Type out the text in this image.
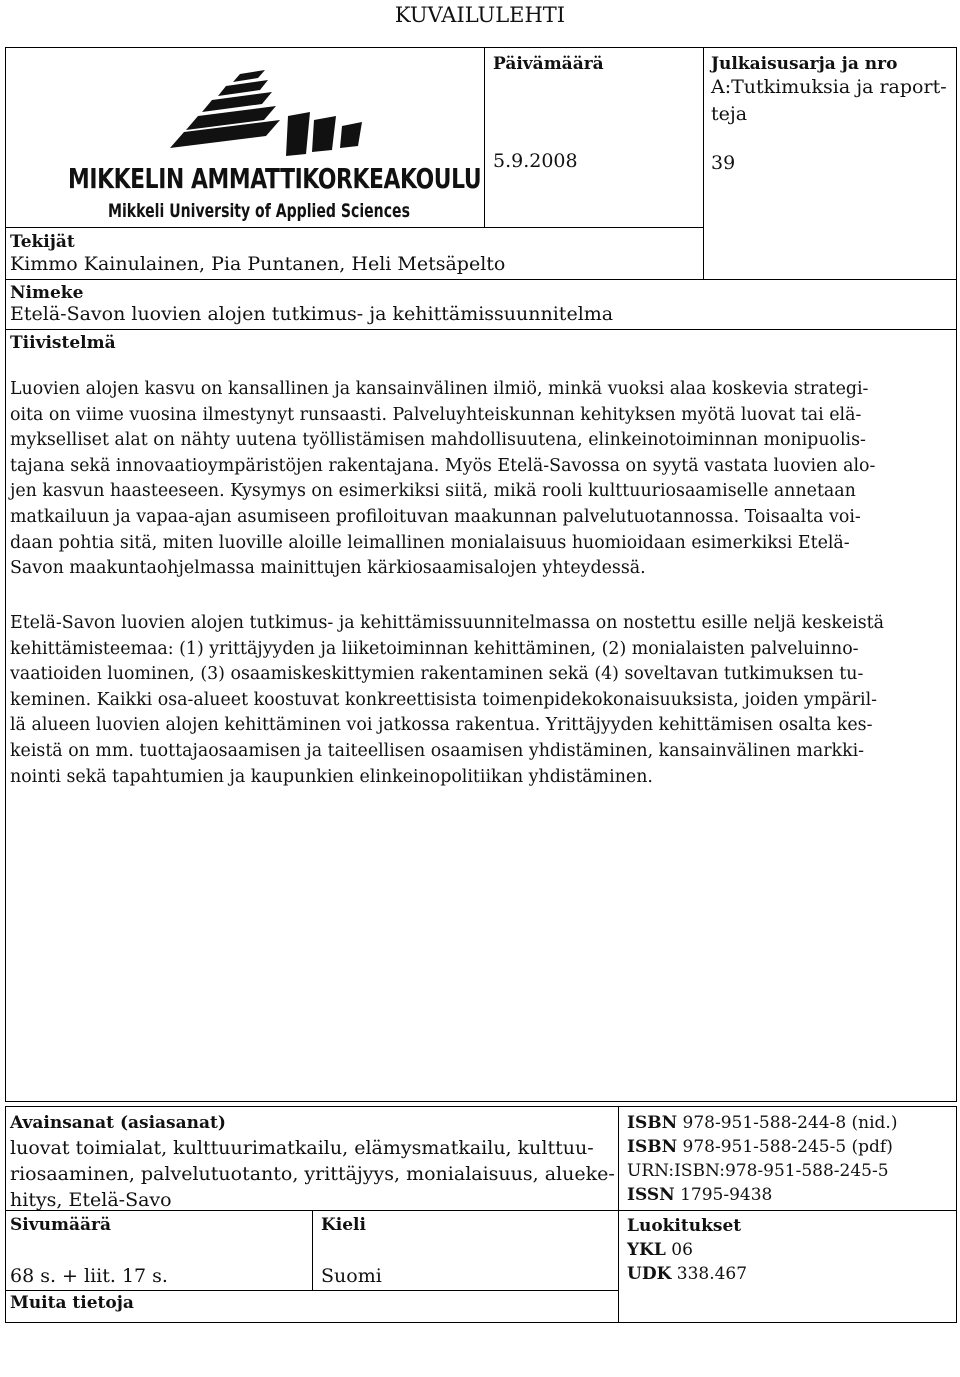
KUVAILULEHTI
MIKKELIN AMMATTIKORKEAKOULU
Mikkeli University of Applied Sciences
Päivämäärä
5.9.2008
Julkaisusarja ja nro
A:Tutkimuksia ja raport-
teja
39
Tekijät
Kimmo Kainulainen, Pia Puntanen, Heli Metsäpelto
Nimeke
Etelä-Savon luovien alojen tutkimus- ja kehittämissuunnitelma
Tiivistelmä
Luovien alojen kasvu on kansallinen ja kansainvälinen ilmiö, minkä vuoksi alaa koskevia strategi-
oita on viime vuosina ilmestynyt runsaasti. Palveluyhteiskunnan kehityksen myötä luovat tai elä-
mykselliset alat on nähty uutena työllistämisen mahdollisuutena, elinkeinotoiminnan monipuolis-
tajana sekä innovaatioympäristöjen rakentajana. Myös Etelä-Savossa on syytä vastata luovien alo-
jen kasvun haasteeseen. Kysymys on esimerkiksi siitä, mikä rooli kulttuuriosaamiselle annetaan
matkailuun ja vapaa-ajan asumiseen profiloituvan maakunnan palvelutuotannossa. Toisaalta voi-
daan pohtia sitä, miten luoville aloille leimallinen monialaisuus huomioidaan esimerkiksi Etelä-
Savon maakuntaohjelmassa mainittujen kärkiosaamisalojen yhteydessä.
Etelä-Savon luovien alojen tutkimus- ja kehittämissuunnitelmassa on nostettu esille neljä keskeistä
kehittämisteemaa: (1) yrittäjyyden ja liiketoiminnan kehittäminen, (2) monialaisten palveluinno-
vaatioiden luominen, (3) osaamiskeskittymien rakentaminen sekä (4) soveltavan tutkimuksen tu-
keminen. Kaikki osa-alueet koostuvat konkreettisista toimenpidekokonaisuuksista, joiden ympäril-
lä alueen luovien alojen kehittäminen voi jatkossa rakentua. Yrittäjyyden kehittämisen osalta kes-
keistä on mm. tuottajaosaamisen ja taiteellisen osaamisen yhdistäminen, kansainvälinen markki-
nointi sekä tapahtumien ja kaupunkien elinkeinopolitiikan yhdistäminen.
Avainsanat (asiasanat)
luovat toimialat, kulttuurimatkailu, elämysmatkailu, kulttuu-
riosaaminen, palvelutuotanto, yrittäjyys, monialaisuus, alueke-
hitys, Etelä-Savo
ISBN 978-951-588-244-8 (nid.)
ISBN 978-951-588-245-5 (pdf)
URN:ISBN:978-951-588-245-5
ISSN 1795-9438
Sivumäärä
68 s. + liit. 17 s.
Kieli
Suomi
Luokitukset
YKL 06
UDK 338.467
Muita tietoja
